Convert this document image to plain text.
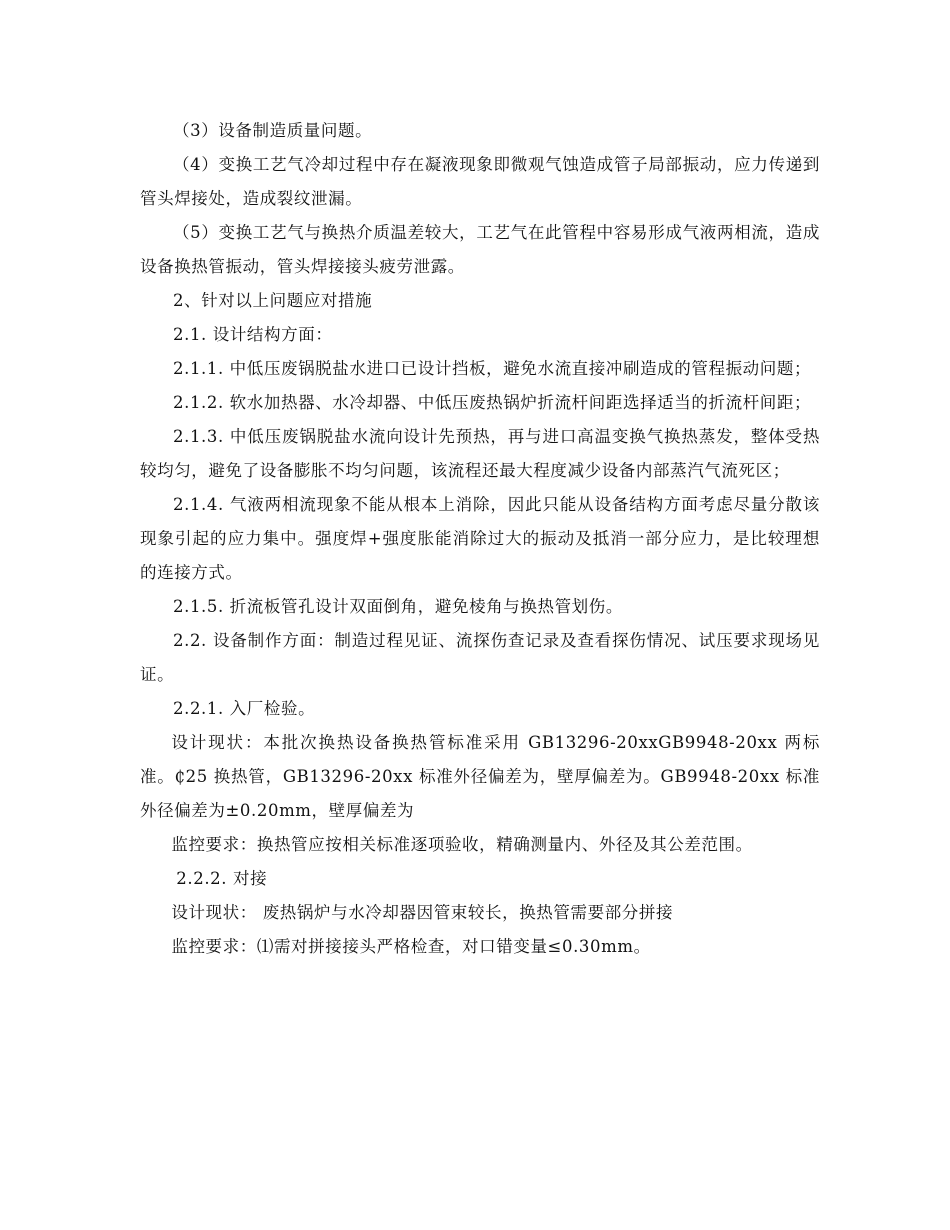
（3）设备制造质量问题。

（4）变换工艺气冷却过程中存在凝液现象即微观气蚀造成管子局部振动，应力传递到管头焊接处，造成裂纹泄漏。

（5）变换工艺气与换热介质温差较大，工艺气在此管程中容易形成气液两相流，造成设备换热管振动，管头焊接接头疲劳泄露。

2、针对以上问题应对措施

2.1. 设计结构方面：

2.1.1. 中低压废锅脱盐水进口已设计挡板，避免水流直接冲刷造成的管程振动问题；

2.1.2. 软水加热器、水冷却器、中低压废热锅炉折流杆间距选择适当的折流杆间距；

2.1.3. 中低压废锅脱盐水流向设计先预热，再与进口高温变换气换热蒸发，整体受热较均匀，避免了设备膨胀不均匀问题，该流程还最大程度减少设备内部蒸汽气流死区；

2.1.4. 气液两相流现象不能从根本上消除，因此只能从设备结构方面考虑尽量分散该现象引起的应力集中。强度焊+强度胀能消除过大的振动及抵消一部分应力，是比较理想的连接方式。

2.1.5. 折流板管孔设计双面倒角，避免棱角与换热管划伤。

2.2. 设备制作方面：制造过程见证、流探伤查记录及查看探伤情况、试压要求现场见证。

2.2.1. 入厂检验。

设计现状：本批次换热设备换热管标准采用 GB13296-20xxGB9948-20xx 两标准。₵25 换热管，GB13296-20xx 标准外径偏差为，壁厚偏差为。GB9948-20xx 标准外径偏差为±0.20mm，壁厚偏差为

监控要求：换热管应按相关标准逐项验收，精确测量内、外径及其公差范围。

2.2.2. 对接

设计现状： 废热锅炉与水冷却器因管束较长，换热管需要部分拼接

监控要求：⑴需对拼接接头严格检查，对口错变量≤0.30mm。
